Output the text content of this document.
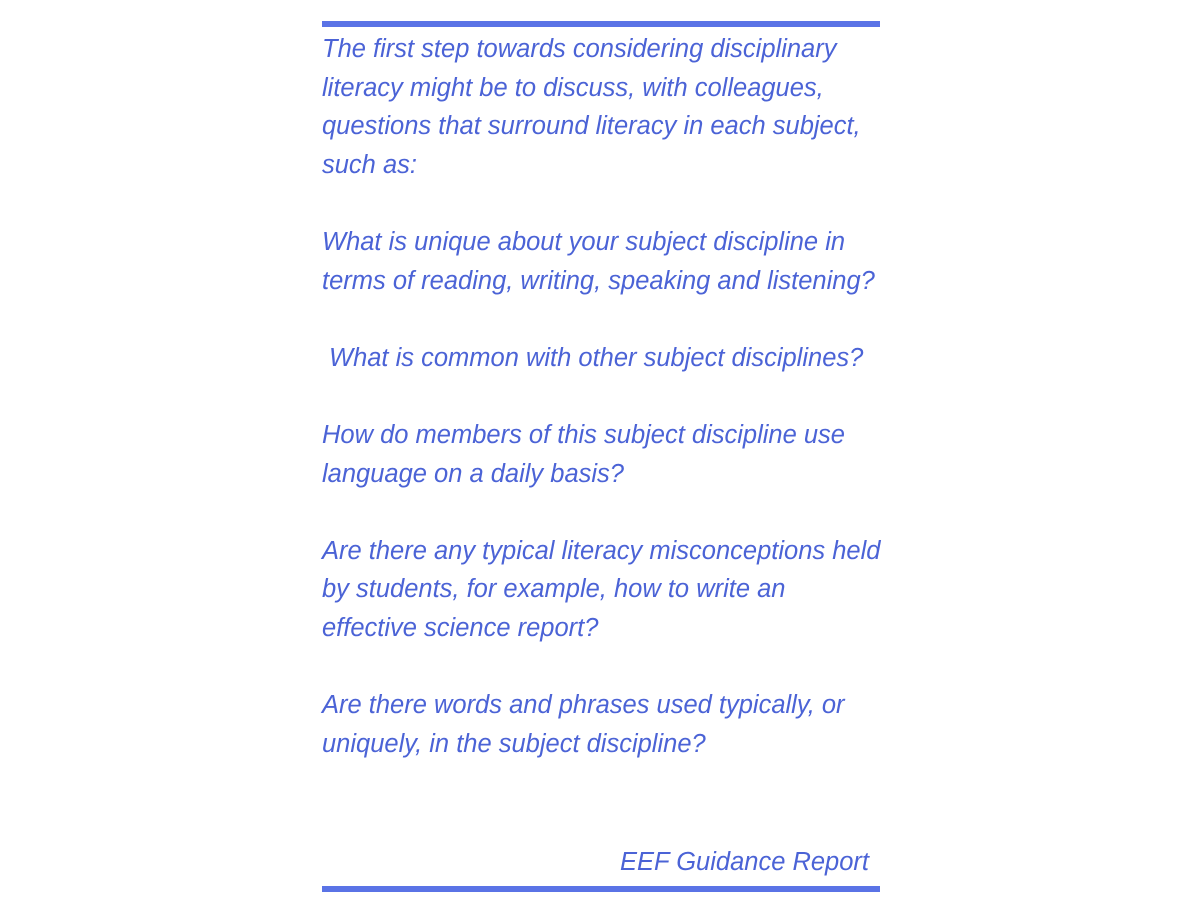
The first step towards considering disciplinary literacy might be to discuss, with colleagues, questions that surround literacy in each subject, such as:

What is unique about your subject discipline in terms of reading, writing, speaking and listening?

What is common with other subject disciplines?

How do members of this subject discipline use language on a daily basis?

Are there any typical literacy misconceptions held by students, for example, how to write an effective science report?

Are there words and phrases used typically, or uniquely, in the subject discipline?

EEF Guidance Report
